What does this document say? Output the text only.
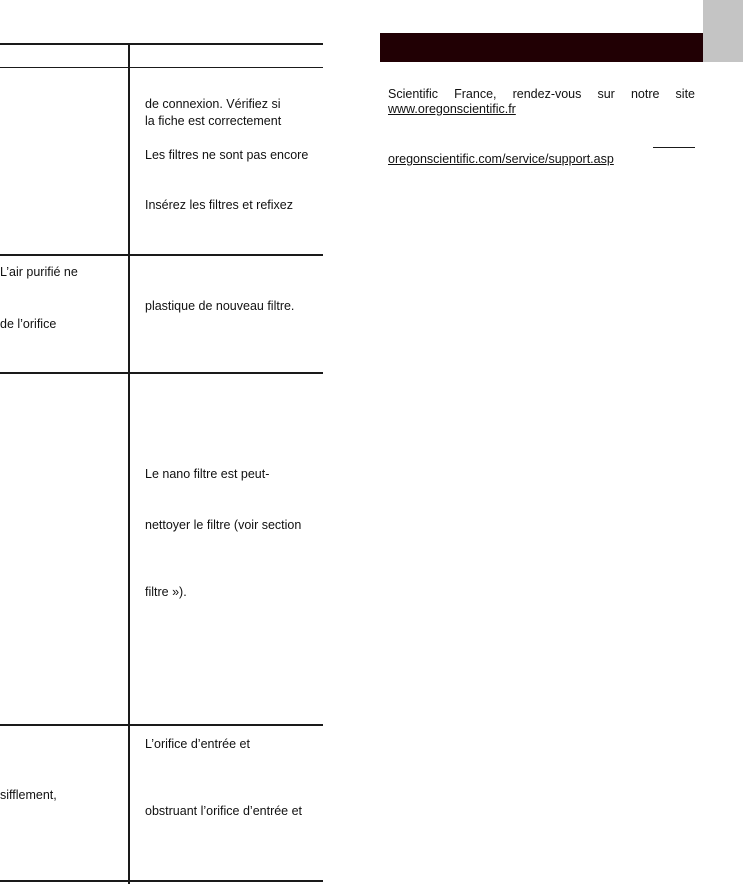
de connexion. Vérifiez si
la fiche est correctement
Les filtres ne sont pas encore
Insérez les filtres et refixez
plastique de nouveau filtre.
Le nano filtre est peut-
nettoyer le filtre (voir section
filtre »).
L’orifice d’entrée et
obstruant l’orifice d’entrée et
L’air purifié ne
de l’orifice
sifflement,
Scientific France, rendez-vous sur notre site
www.oregonscientific.fr
oregonscientific.com/service/support.asp
